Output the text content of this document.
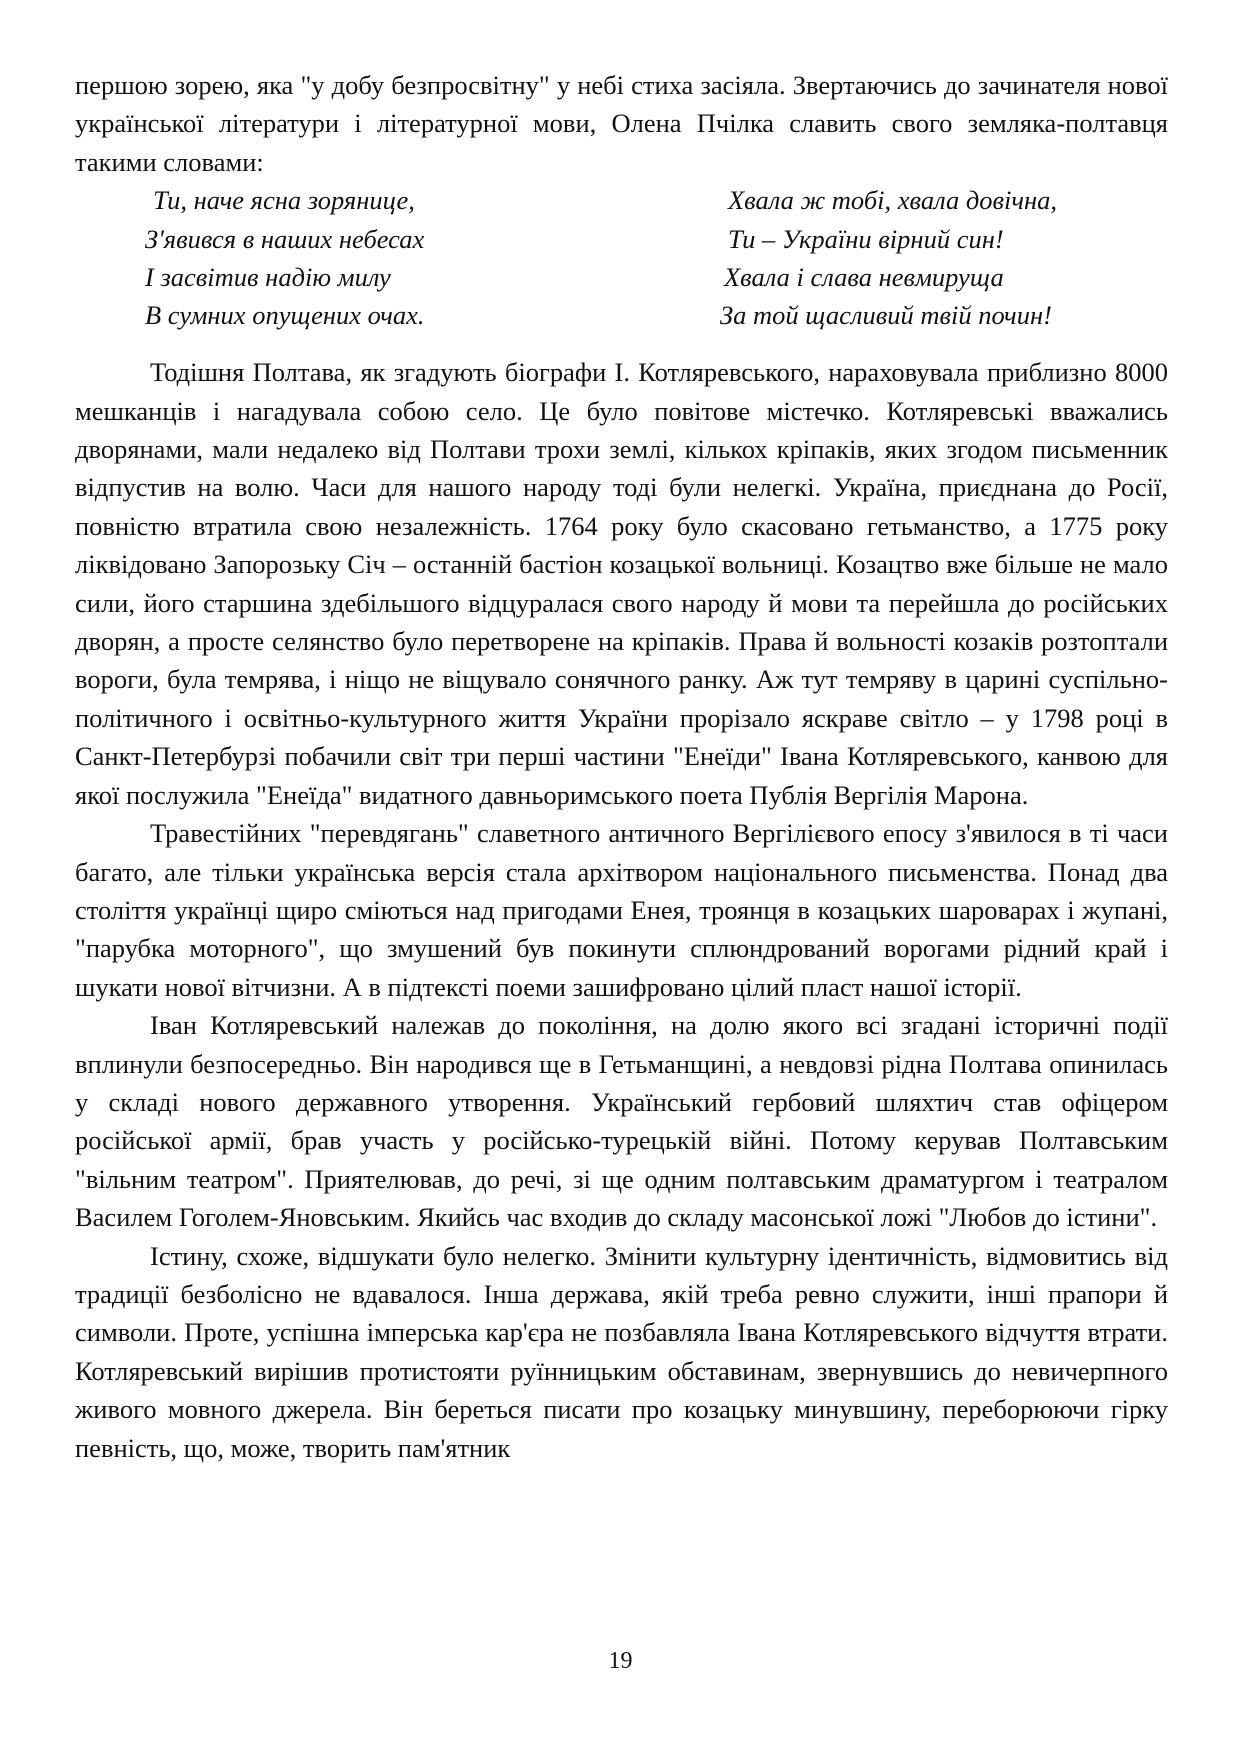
першою зорею, яка "у добу безпросвітну" у небі стиха засіяла. Звертаючись до зачинателя нової української літератури і літературної мови, Олена Пчілка славить свого земляка-полтавця такими словами:

Ти, наче ясна зорянице,
З'явився в наших небесах
І засвітив надію милу
В сумних опущених очах.
Хвала ж тобі, хвала довічна,
Ти – України вірний син!
Хвала і слава невмируща
За той щасливий твій почин!

Тодішня Полтава, як згадують біографи І. Котляревського, нараховувала приблизно 8000 мешканців і нагадувала собою село. Це було повітове містечко. Котляревські вважались дворянами, мали недалеко від Полтави трохи землі, кількох кріпаків, яких згодом письменник відпустив на волю. Часи для нашого народу тоді були нелегкі. Україна, приєднана до Росії, повністю втратила свою незалежність. 1764 року було скасовано гетьманство, а 1775 року ліквідовано Запорозьку Січ – останній бастіон козацької вольниці. Козацтво вже більше не мало сили, його старшина здебільшого відцуралася свого народу й мови та перейшла до російських дворян, а просте селянство було перетворене на кріпаків. Права й вольності козаків розтоптали вороги, була темрява, і ніщо не віщувало сонячного ранку. Аж тут темряву в царині суспільно-політичного і освітньо-культурного життя України прорізало яскраве світло – у 1798 році в Санкт-Петербурзі побачили світ три перші частини "Енеїди" Івана Котляревського, канвою для якої послужила "Енеїда" видатного давньоримського поета Публія Вергілія Марона.

Травестійних "перевдягань" славетного античного Вергілієвого епосу з'явилося в ті часи багато, але тільки українська версія стала архітвором національного письменства. Понад два століття українці щиро сміються над пригодами Енея, троянця в козацьких шароварах і жупані, "парубка моторного", що змушений був покинути сплюндрований ворогами рідний край і шукати нової вітчизни. А в підтексті поеми зашифровано цілий пласт нашої історії.

Іван Котляревський належав до покоління, на долю якого всі згадані історичні події вплинули безпосередньо. Він народився ще в Гетьманщині, а невдовзі рідна Полтава опинилась у складі нового державного утворення. Український гербовий шляхтич став офіцером російської армії, брав участь у російсько-турецькій війні. Потому керував Полтавським "вільним театром". Приятелював, до речі, зі ще одним полтавським драматургом і театралом Василем Гоголем-Яновським. Якийсь час входив до складу масонської ложі "Любов до істини".

Істину, схоже, відшукати було нелегко. Змінити культурну ідентичність, відмовитись від традиції безболісно не вдавалося. Інша держава, якій треба ревно служити, інші прапори й символи. Проте, успішна імперська кар'єра не позбавляла Івана Котляревського відчуття втрати. Котляревський вирішив протистояти руїнницьким обставинам, звернувшись до невичерпного живого мовного джерела. Він береться писати про козацьку минувшину, переборюючи гірку певність, що, може, творить пам'ятник

19
